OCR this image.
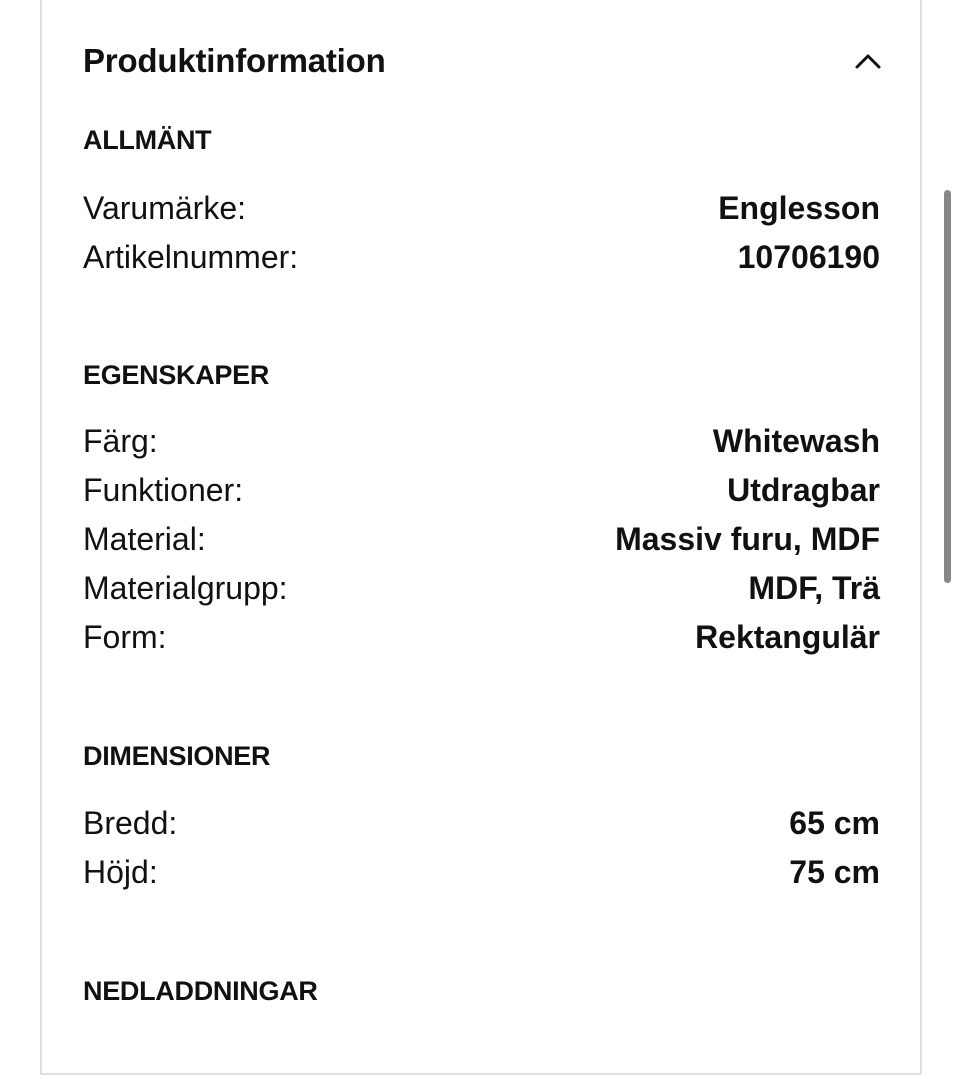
Produktinformation
ALLMÄNT
Varumärke:	Englesson
Artikelnummer:	10706190
EGENSKAPER
Färg:	Whitewash
Funktioner:	Utdragbar
Material:	Massiv furu, MDF
Materialgrupp:	MDF, Trä
Form:	Rektangulär
DIMENSIONER
Bredd:	65 cm
Höjd:	75 cm
NEDLADDNINGAR
